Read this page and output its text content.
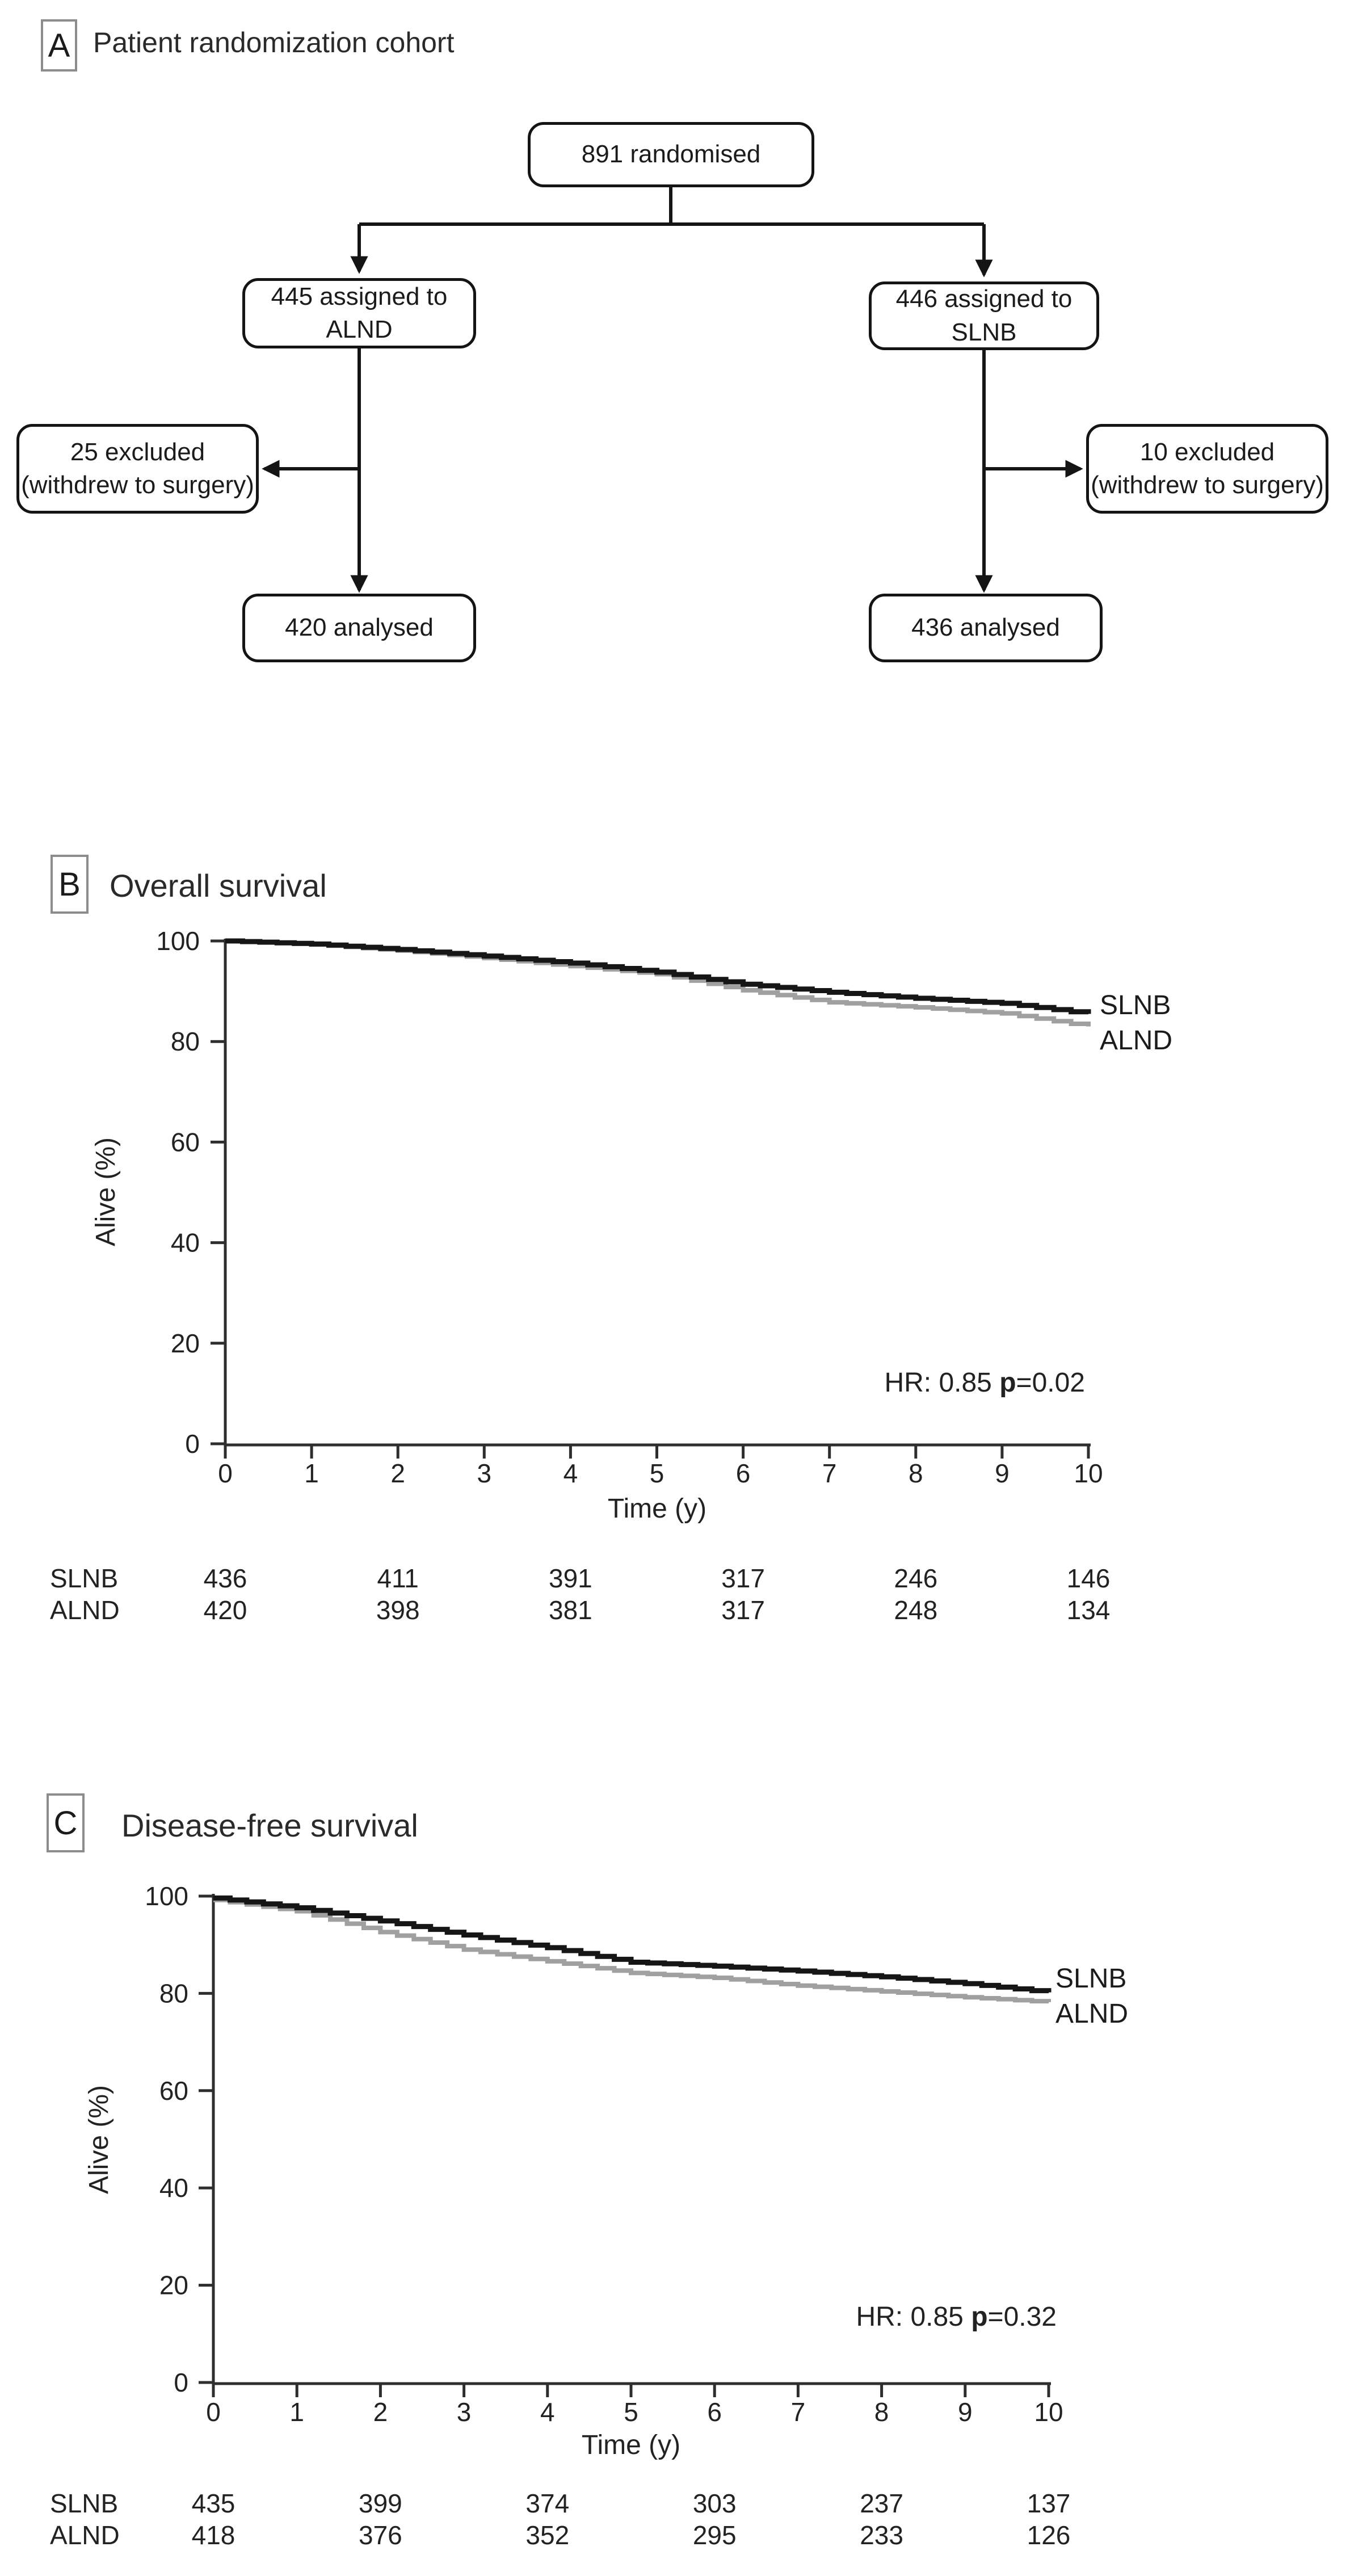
A Patient randomization cohort
891 randomised
445 assigned to
ALND
446 assigned to
SLNB
25 excluded
(withdrew to surgery)
10 excluded
(withdrew to surgery)
420 analysed	436 analysed
B Overall survival
0
20
40
60
80
100
0	1	2	3	4	5	6	7	8	9 10
Time (y)
Alive (%)
SLNB
ALND
HR: 0.85 p=0.02
SLNB	436	411	391	317	246	146
ALND	420	398	381	317	248	134
C Disease-free survival
0
20
40
60
80
100
0	1	2	3	4	5	6	7	8	9 10
Time (y)
Alive (%)
SLNB
ALND
HR: 0.85 p=0.32
SLNB	435	399	374	303	237	137
ALND	418	376	352	295	233	126
